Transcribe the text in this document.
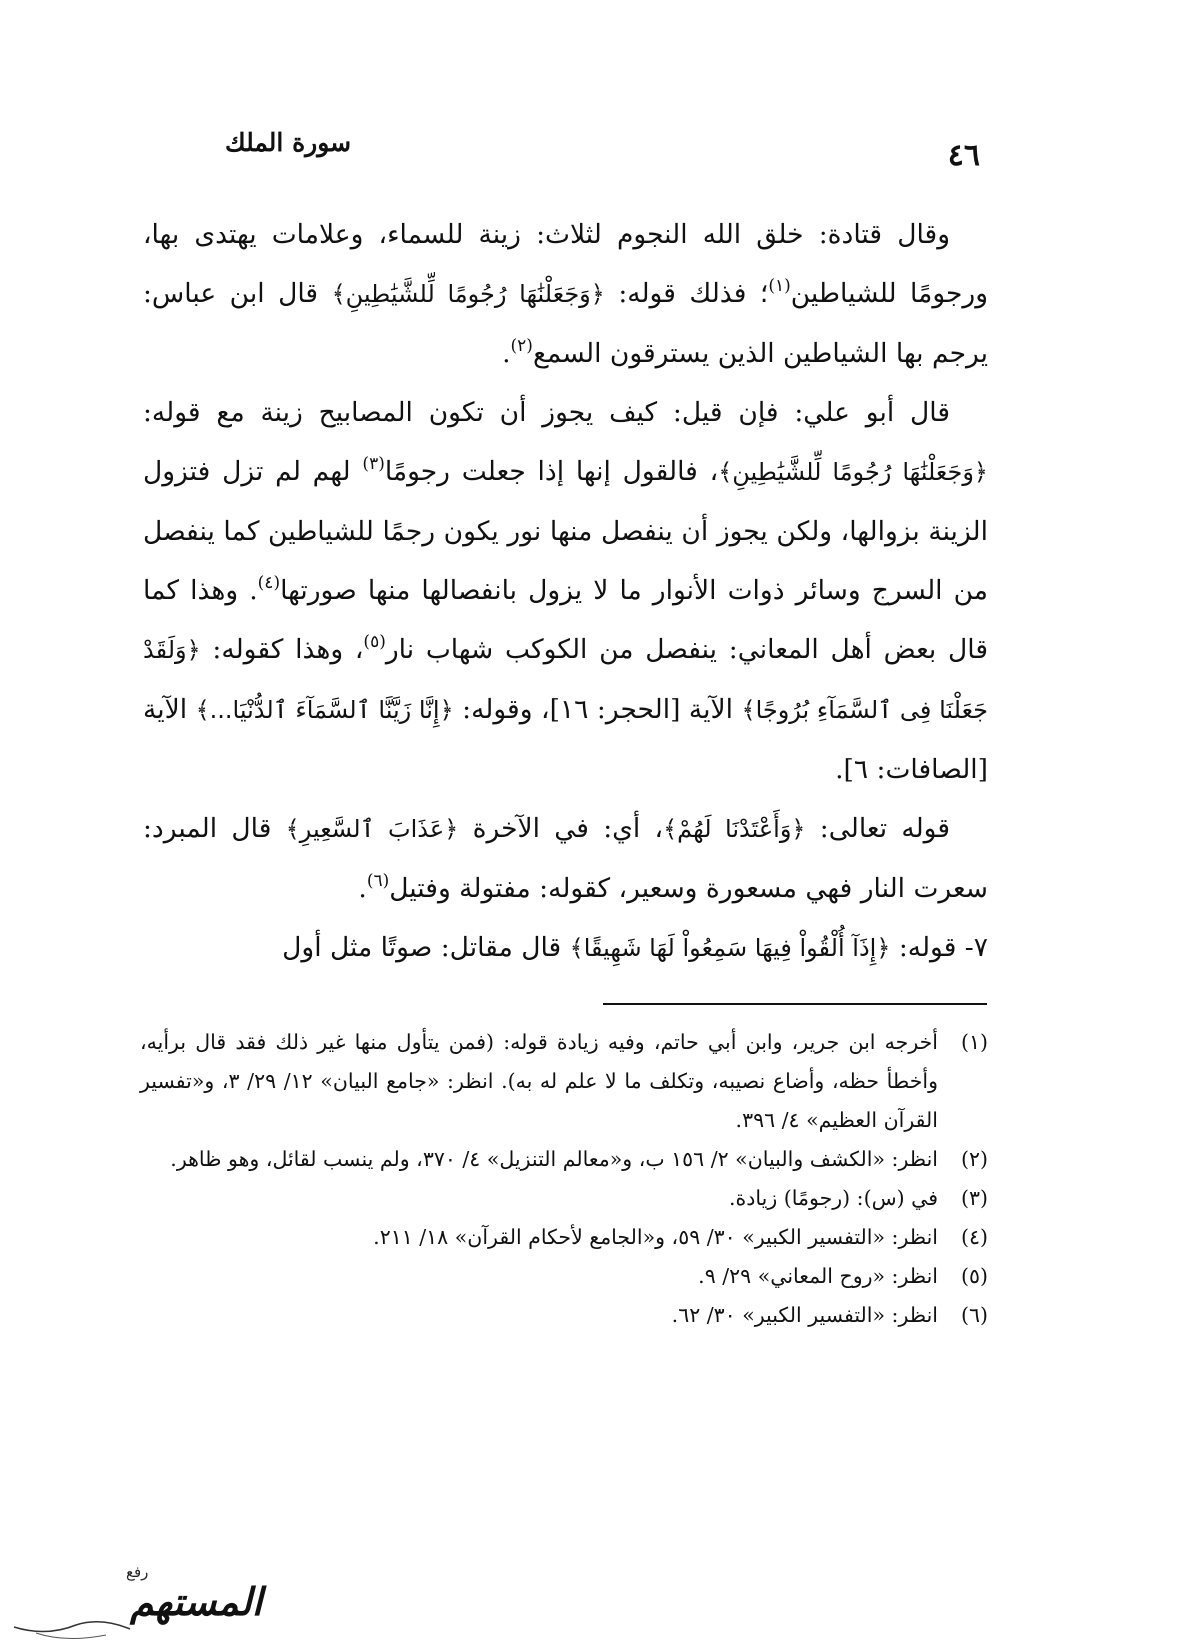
٤٦
سورة الملك

وقال قتادة: خلق الله النجوم لثلاث: زينة للسماء، وعلامات يهتدى بها، ورجومًا للشياطين$^{(١)}$؛ فذلك قوله: ﴿وَجَعَلْنَٰهَا رُجُومًا لِّلشَّيَٰطِينِ﴾ قال ابن عباس: يرجم بها الشياطين الذين يسترقون السمع$^{(٢)}$.

قال أبو علي: فإن قيل: كيف يجوز أن تكون المصابيح زينة مع قوله: ﴿وَجَعَلْنَٰهَا رُجُومًا لِّلشَّيَٰطِينِ﴾، فالقول إنها إذا جعلت رجومًا$^{(٣)}$ لهم لم تزل فتزول الزينة بزوالها، ولكن يجوز أن ينفصل منها نور يكون رجمًا للشياطين كما ينفصل من السرج وسائر ذوات الأنوار ما لا يزول بانفصالها منها صورتها$^{(٤)}$. وهذا كما قال بعض أهل المعاني: ينفصل من الكوكب شهاب نار$^{(٥)}$، وهذا كقوله: ﴿وَلَقَدْ جَعَلْنَا فِى ٱلسَّمَآءِ بُرُوجًا﴾ الآية [الحجر: ١٦]، وقوله: ﴿إِنَّا زَيَّنَّا ٱلسَّمَآءَ ٱلدُّنْيَا...﴾ الآية [الصافات: ٦].

قوله تعالى: ﴿وَأَعْتَدْنَا لَهُمْ﴾، أي: في الآخرة ﴿عَذَابَ ٱلسَّعِيرِ﴾ قال المبرد: سعرت النار فهي مسعورة وسعير، كقوله: مفتولة وفتيل$^{(٦)}$.

٧- قوله: ﴿إِذَآ أُلْقُواْ فِيهَا سَمِعُواْ لَهَا شَهِيقًا﴾ قال مقاتل: صوتًا مثل أول

(١)
أخرجه ابن جرير، وابن أبي حاتم، وفيه زيادة قوله: (فمن يتأول منها غير ذلك فقد قال برأيه، وأخطأ حظه، وأضاع نصيبه، وتكلف ما لا علم له به). انظر: «جامع البيان» ١٢/ ٢٩/ ٣، و«تفسير القرآن العظيم» ٤/ ٣٩٦.
(٢)
انظر: «الكشف والبيان» ٢/ ١٥٦ ب، و«معالم التنزيل» ٤/ ٣٧٠، ولم ينسب لقائل، وهو ظاهر.
(٣)
في (س): (رجومًا) زيادة.
(٤)
انظر: «التفسير الكبير» ٣٠/ ٥٩، و«الجامع لأحكام القرآن» ١٨/ ٢١١.
(٥)
انظر: «روح المعاني» ٢٩/ ٩.
(٦)
انظر: «التفسير الكبير» ٣٠/ ٦٢.
رفع
المستهم
